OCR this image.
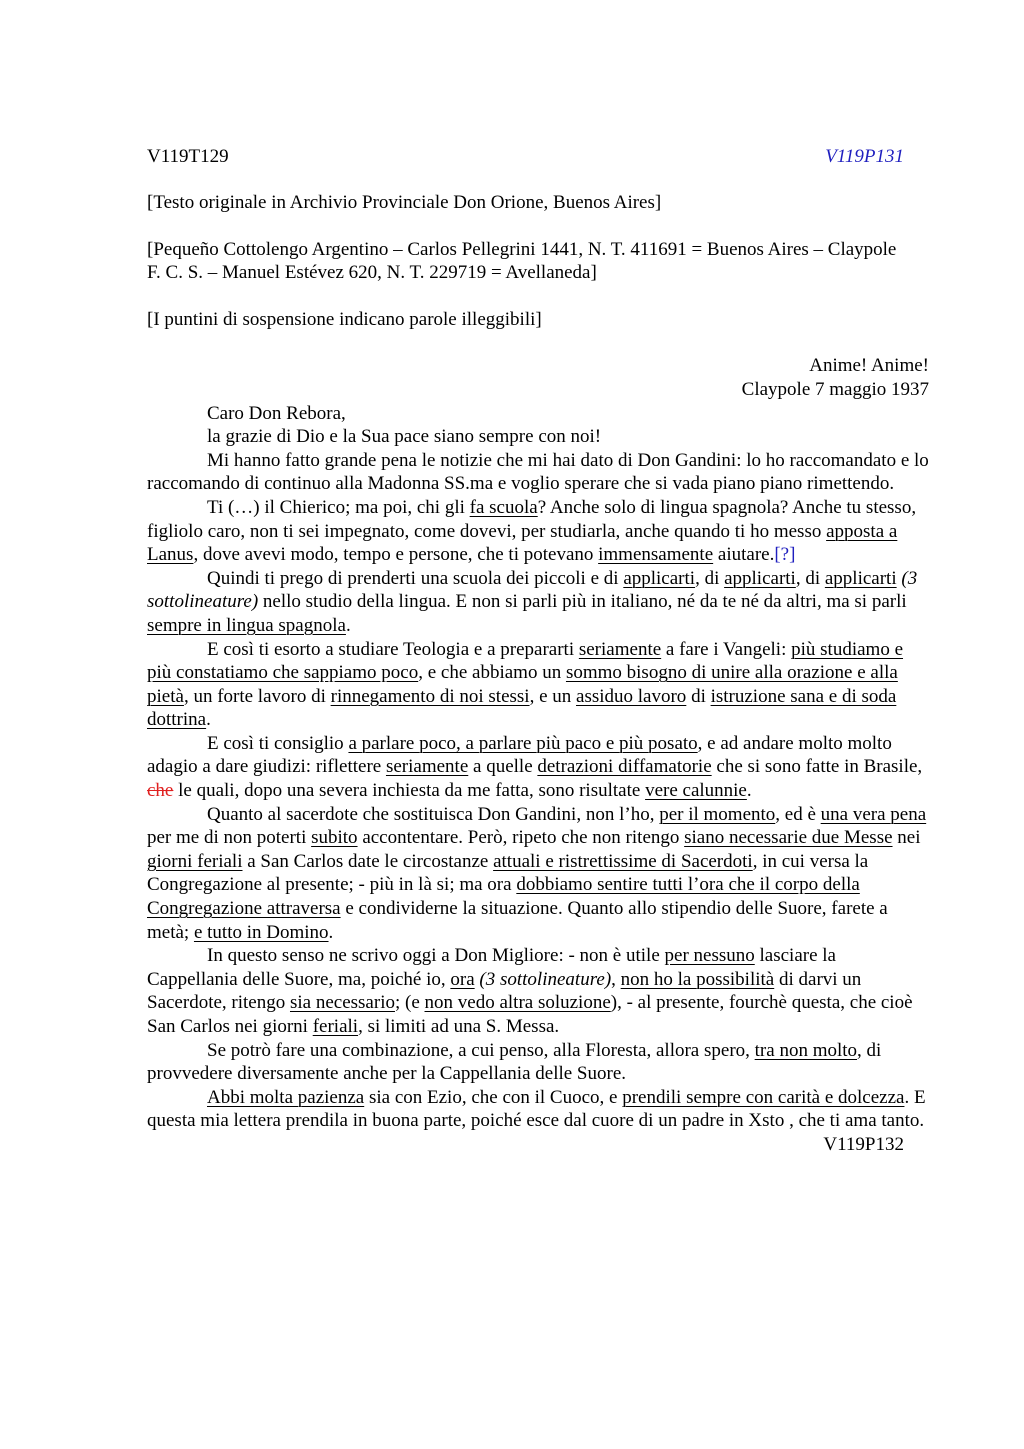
V119T129	V119P131

[Testo originale in Archivio Provinciale Don Orione, Buenos Aires]

[Pequeño Cottolengo Argentino – Carlos Pellegrini 1441, N. T. 411691 = Buenos Aires – Claypole F. C. S. – Manuel Estévez 620, N. T. 229719 = Avellaneda]

[I puntini di sospensione indicano parole illeggibili]

Anime! Anime!

Claypole 7 maggio 1937

Caro Don Rebora,

la grazie di Dio e la Sua pace siano sempre con noi!

Mi hanno fatto grande pena le notizie che mi hai dato di Don Gandini: lo ho raccomandato e lo raccomando di continuo alla Madonna SS.ma e voglio sperare che si vada piano piano rimettendo.

Ti (…) il Chierico; ma poi, chi gli fa scuola? Anche solo di lingua spagnola? Anche tu stesso, figliolo caro, non ti sei impegnato, come dovevi, per studiarla, anche quando ti ho messo apposta a Lanus, dove avevi modo, tempo e persone, che ti potevano immensamente aiutare.[?]

Quindi ti prego di prenderti una scuola dei piccoli e di applicarti, di applicarti, di applicarti (3 sottolineature) nello studio della lingua. E non si parli più in italiano, né da te né da altri, ma si parli sempre in lingua spagnola.

E così ti esorto a studiare Teologia e a prepararti seriamente a fare i Vangeli: più studiamo e più constatiamo che sappiamo poco, e che abbiamo un sommo bisogno di unire alla orazione e alla pietà, un forte lavoro di rinnegamento di noi stessi, e un assiduo lavoro di istruzione sana e di soda dottrina.

E così ti consiglio a parlare poco, a parlare più paco e più posato, e ad andare molto molto adagio a dare giudizi: riflettere seriamente a quelle detrazioni diffamatorie che si sono fatte in Brasile, che le quali, dopo una severa inchiesta da me fatta, sono risultate vere calunnie.

Quanto al sacerdote che sostituisca Don Gandini, non l’ho, per il momento, ed è una vera pena per me di non poterti subito accontentare. Però, ripeto che non ritengo siano necessarie due Messe nei giorni feriali a San Carlos date le circostanze attuali e ristrettissime di Sacerdoti, in cui versa la Congregazione al presente; - più in là si; ma ora dobbiamo sentire tutti l’ora che il corpo della Congregazione attraversa e condividerne la situazione. Quanto allo stipendio delle Suore, farete a metà; e tutto in Domino.

In questo senso ne scrivo oggi a Don Migliore: - non è utile per nessuno lasciare la Cappellania delle Suore, ma, poiché io, ora (3 sottolineature), non ho la possibilità di darvi un Sacerdote, ritengo sia necessario; (e non vedo altra soluzione), - al presente, fourchè questa, che cioè San Carlos nei giorni feriali, si limiti ad una S. Messa.

Se potrò fare una combinazione, a cui penso, alla Floresta, allora spero, tra non molto, di provvedere diversamente anche per la Cappellania delle Suore.

Abbi molta pazienza sia con Ezio, che con il Cuoco, e prendili sempre con carità e dolcezza. E questa mia lettera prendila in buona parte, poiché esce dal cuore di un padre in Xsto , che ti ama tanto.

V119P132
